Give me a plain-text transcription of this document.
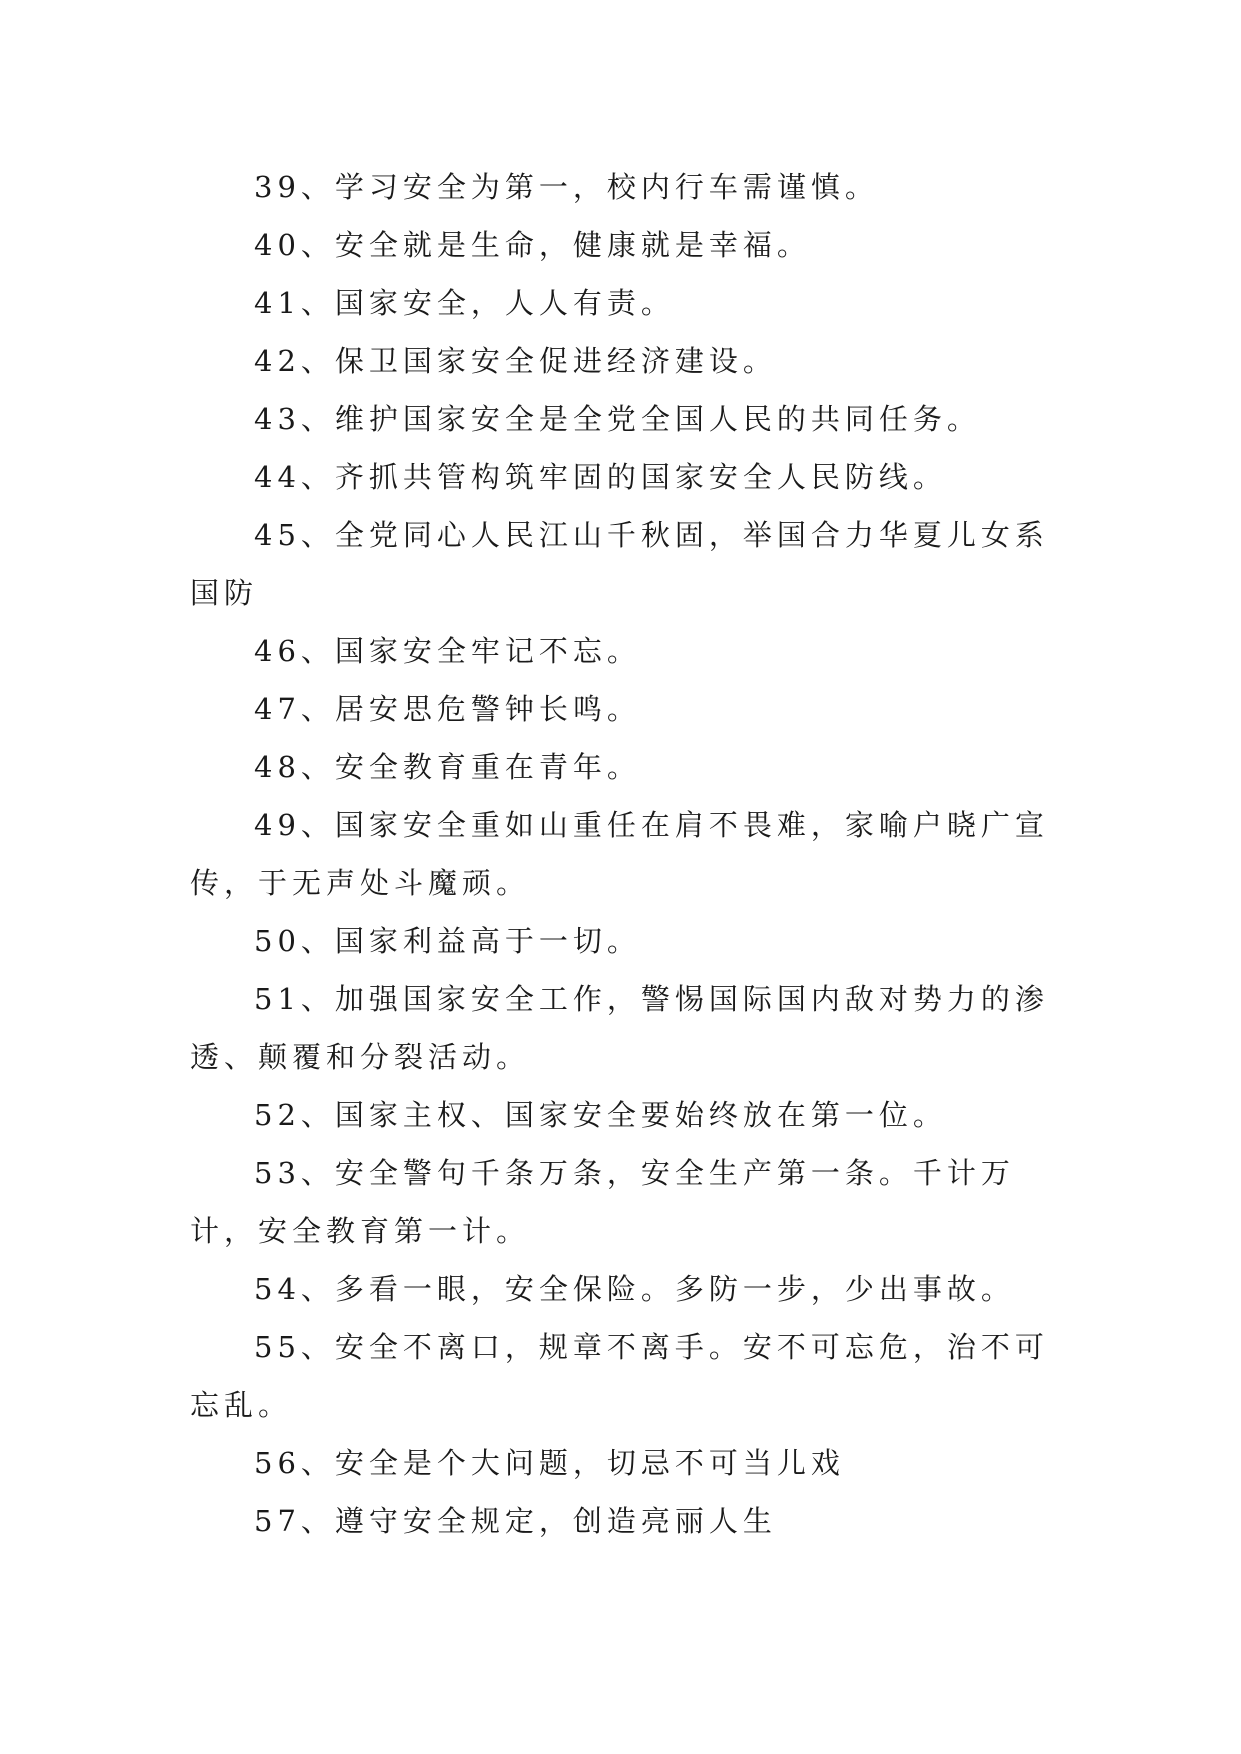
39、学习安全为第一，校内行车需谨慎。

40、安全就是生命，健康就是幸福。

41、国家安全，人人有责。

42、保卫国家安全促进经济建设。

43、维护国家安全是全党全国人民的共同任务。

44、齐抓共管构筑牢固的国家安全人民防线。

45、全党同心人民江山千秋固，举国合力华夏儿女系国防

46、国家安全牢记不忘。

47、居安思危警钟长鸣。

48、安全教育重在青年。

49、国家安全重如山重任在肩不畏难，家喻户晓广宣传，于无声处斗魔顽。

50、国家利益高于一切。

51、加强国家安全工作，警惕国际国内敌对势力的渗透、颠覆和分裂活动。

52、国家主权、国家安全要始终放在第一位。

53、安全警句千条万条，安全生产第一条。千计万计，安全教育第一计。

54、多看一眼，安全保险。多防一步，少出事故。

55、安全不离口，规章不离手。安不可忘危，治不可忘乱。

56、安全是个大问题，切忌不可当儿戏

57、遵守安全规定，创造亮丽人生
